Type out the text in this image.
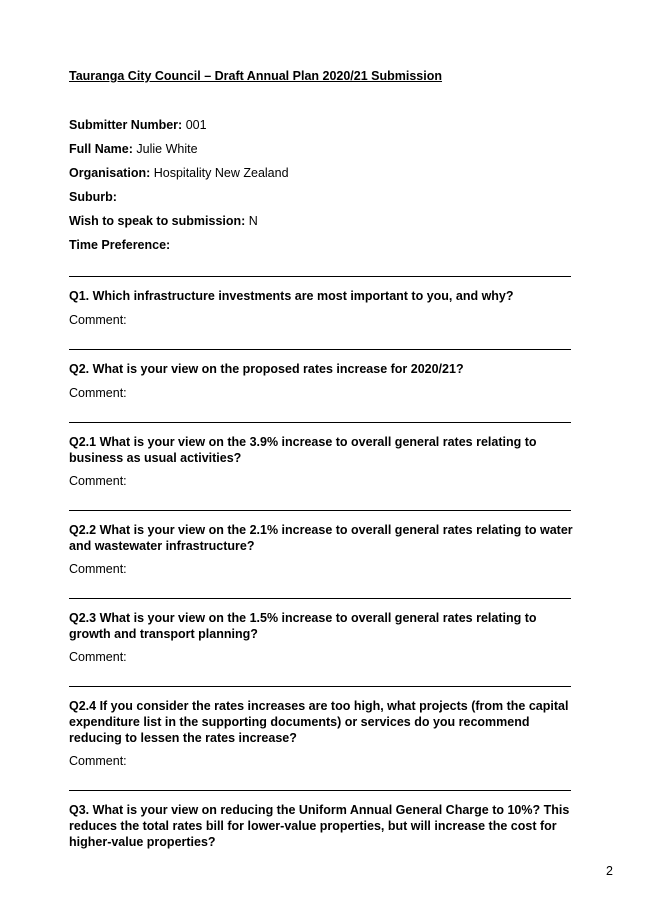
Tauranga City Council – Draft Annual Plan 2020/21 Submission
Submitter Number: 001
Full Name: Julie White
Organisation: Hospitality New Zealand
Suburb:
Wish to speak to submission: N
Time Preference:
Q1. Which infrastructure investments are most important to you, and why?
Comment:
Q2. What is your view on the proposed rates increase for 2020/21?
Comment:
Q2.1 What is your view on the 3.9% increase to overall general rates relating to business as usual activities?
Comment:
Q2.2 What is your view on the 2.1% increase to overall general rates relating to water and wastewater infrastructure?
Comment:
Q2.3 What is your view on the 1.5% increase to overall general rates relating to growth and transport planning?
Comment:
Q2.4 If you consider the rates increases are too high, what projects (from the capital expenditure list in the supporting documents) or services do you recommend reducing to lessen the rates increase?
Comment:
Q3. What is your view on reducing the Uniform Annual General Charge to 10%? This reduces the total rates bill for lower-value properties, but will increase the cost for higher-value properties?
2
